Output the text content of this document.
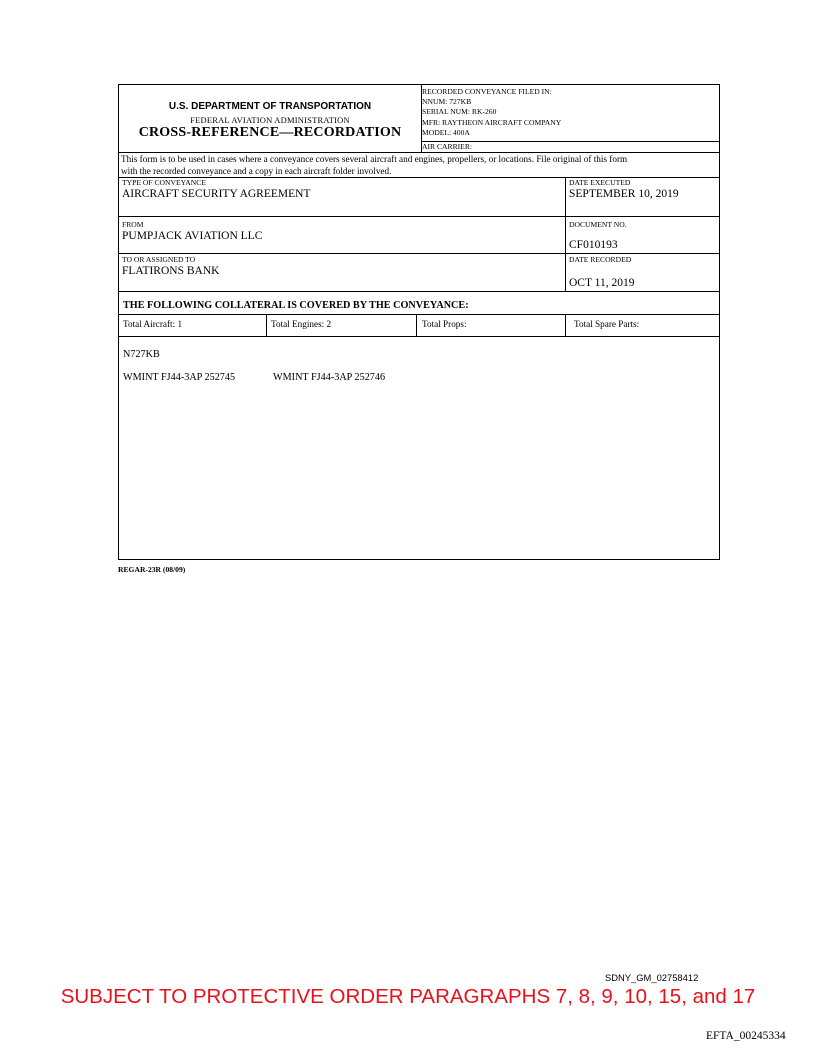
U.S. DEPARTMENT OF TRANSPORTATION
FEDERAL AVIATION ADMINISTRATION
CROSS-REFERENCE—RECORDATION
RECORDED CONVEYANCE FILED IN:
NNUM: 727KB
SERIAL NUM: RK-260
MFR: RAYTHEON AIRCRAFT COMPANY
MODEL: 400A
AIR CARRIER:
This form is to be used in cases where a conveyance covers several aircraft and engines, propellers, or locations. File original of this form
with the recorded conveyance and a copy in each aircraft folder involved.
TYPE OF CONVEYANCE
AIRCRAFT SECURITY AGREEMENT
DATE EXECUTED
SEPTEMBER 10, 2019
FROM
PUMPJACK AVIATION LLC
DOCUMENT NO.
CF010193
TO OR ASSIGNED TO
FLATIRONS BANK
DATE RECORDED
OCT 11, 2019
THE FOLLOWING COLLATERAL IS COVERED BY THE CONVEYANCE:
Total Aircraft: 1	Total Engines: 2	Total Props:	Total Spare Parts:
N727KB
WMINT FJ44-3AP 252745	WMINT FJ44-3AP 252746
REGAR-23R (08/09)
SDNY_GM_02758412
SUBJECT TO PROTECTIVE ORDER PARAGRAPHS 7, 8, 9, 10, 15, and 17
EFTA_00245334
